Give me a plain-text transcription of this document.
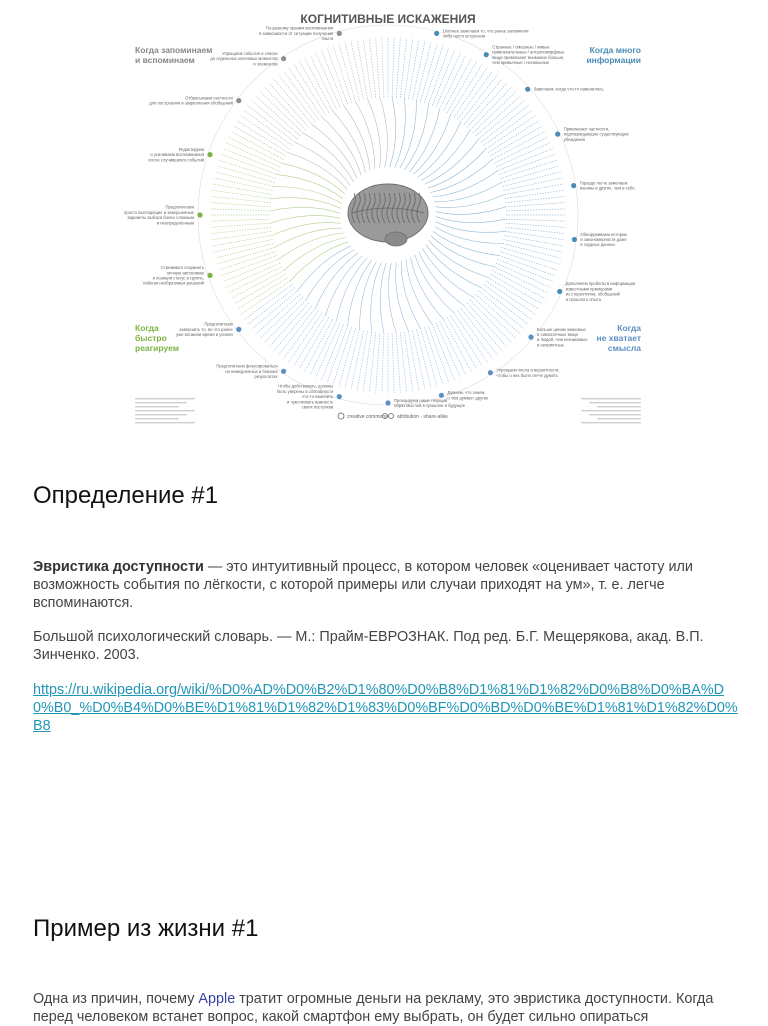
КОГНИТИВНЫЕ ИСКАЖЕНИЯ
По-разному храним воспоминания
в зависимости от ситуации получения
опыта
Упрощаем события и списки
до отдельных ключевых моментов
и элементов
Отбрасываем частности
для построения и закрепления обобщений
Редактируем
и усиливаем воспоминания
после случившихся событий
Предпочитаем
просто выглядящие и завершенные
варианты выбора более сложным
и неопределённым
Стремимся сохранить
личную автономию
и позиции статус в группе,
избегая необратимых решений
Предпочитаем
завершить то, во что ранее
уже вложили время и усилия
Предпочитаем фокусироваться
на немедленных и близких
результатах
Чтобы действовать, должны
быть уверены в способности
что-то изменить
и чувствовать важность
своих поступков
Охотнее замечаем то, что ранее запомнили
либо часто встречали
Странные / смешные / живые
привлекательные / антропоморфные
вещи привлекают внимание больше,
чем привычные / несмешные
Замечаем, когда что-то изменилось
Привлекают частности,
подтверждающие существующие
убеждения
Гораздо легче замечаем
изъяны в других, чем в себе
Обнаруживаем истории
и закономерности даже
в скудных данных
Дополняем пробелы в информации
известными примерами
из стереотипов, обобщений
и прошлого опыта
Больше ценим знакомые
и симпатичные вещи
и людей, чем незнакомые
и неприятные
Упрощаем числа и вероятности,
чтобы о них было легче думать
Думаем, что знаем,
о чём думают другие
Проецируем наше текущий
образ мыслей в прошлое и будущее
Когда запоминаем
и вспоминаем
Когда много
информации
Когда
быстро
реагируем
Когда
не хватает
смысла
creative commons attribution - share-alike
Определение #1

Эвристика доступности — это интуитивный процесс, в котором человек «оценивает частоту или возможность события по лёгкости, с которой примеры или случаи приходят на ум», т. е. легче вспоминаются.

Большой психологический словарь. — М.: Прайм-ЕВРОЗНАК. Под ред. Б.Г. Мещерякова, акад. В.П. Зинченко. 2003.

https://ru.wikipedia.org/wiki/%D0%AD%D0%B2%D1%80%D0%B8%D1%81%D1%82%D0%B8%D0%BA%D0%B0_%D0%B4%D0%BE%D1%81%D1%82%D1%83%D0%BF%D0%BD%D0%BE%D1%81%D1%82%D0%B8

Пример из жизни #1

Одна из причин, почему Apple тратит огромные деньги на рекламу, это эвристика доступности. Когда перед человеком встанет вопрос, какой смартфон ему выбрать, он будет сильно опираться
